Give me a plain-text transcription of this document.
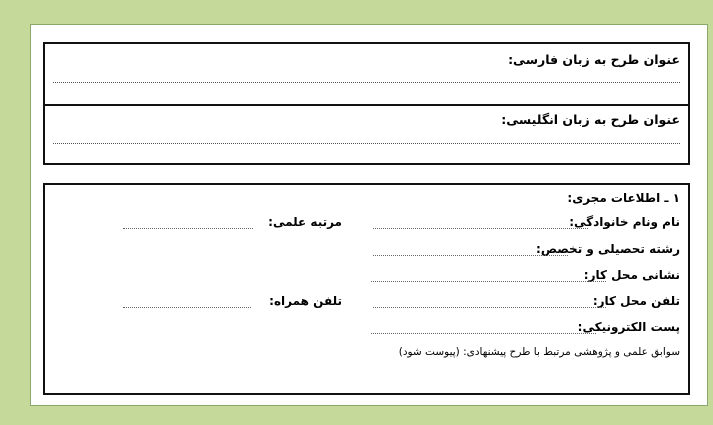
عنوان طرح به زبان فارسی:
عنوان طرح به زبان انگلیسی:
۱ ـ اطلاعات مجری:
نام ونام خانوادگی:
مرتبه علمی:
رشته تحصیلی و تخصص:
نشانی محل کار:
تلفن محل کار:
تلفن همراه:
پست الکترونیکی:
سوابق علمی و پژوهشی مرتبط با طرح پیشنهادی: (پیوست شود)
